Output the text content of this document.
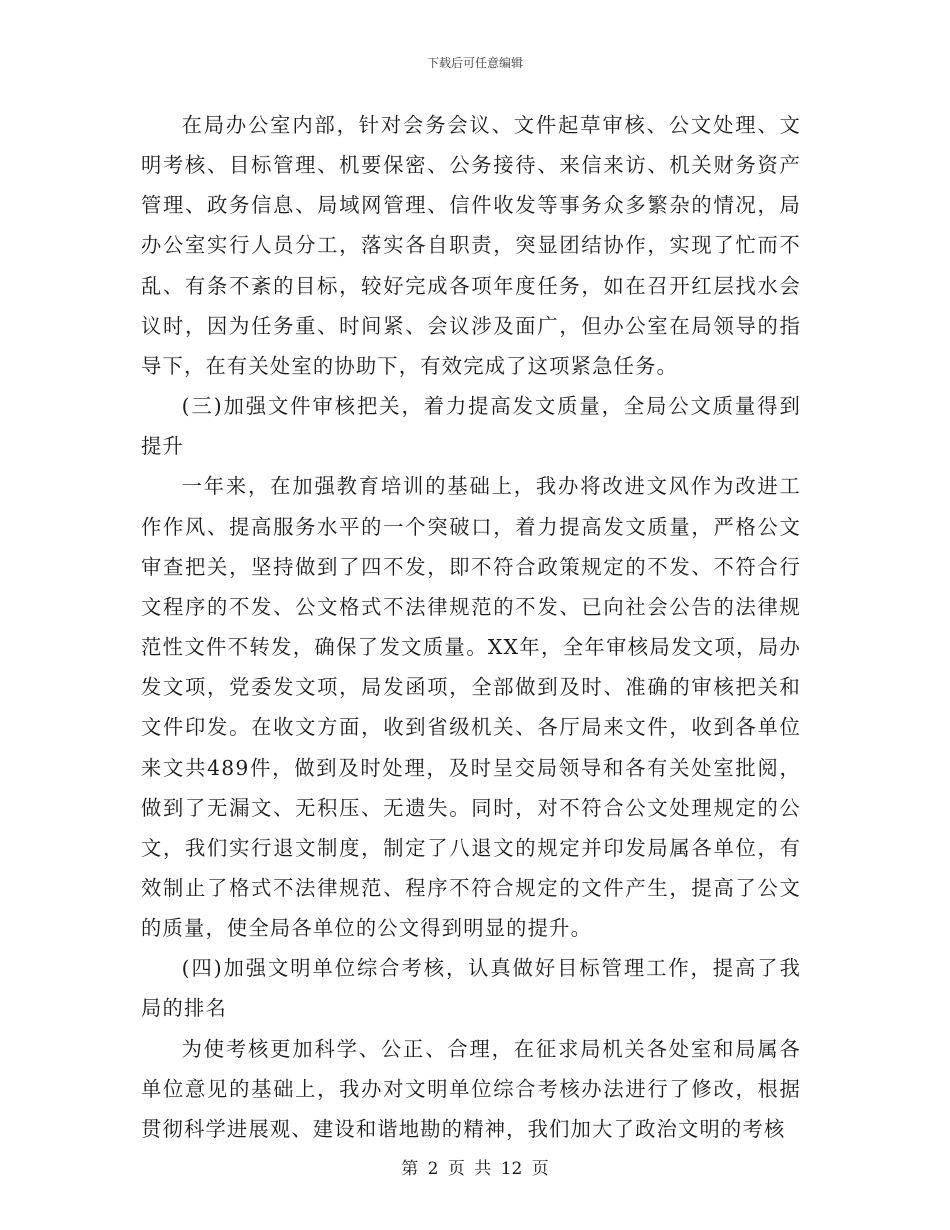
下载后可任意编辑

在局办公室内部，针对会务会议、文件起草审核、公文处理、文明考核、目标管理、机要保密、公务接待、来信来访、机关财务资产管理、政务信息、局域网管理、信件收发等事务众多繁杂的情况，局办公室实行人员分工，落实各自职责，突显团结协作，实现了忙而不乱、有条不紊的目标，较好完成各项年度任务，如在召开红层找水会议时，因为任务重、时间紧、会议涉及面广，但办公室在局领导的指导下，在有关处室的协助下，有效完成了这项紧急任务。

(三)加强文件审核把关，着力提高发文质量，全局公文质量得到提升

一年来，在加强教育培训的基础上，我办将改进文风作为改进工作作风、提高服务水平的一个突破口，着力提高发文质量，严格公文审查把关，坚持做到了四不发，即不符合政策规定的不发、不符合行文程序的不发、公文格式不法律规范的不发、已向社会公告的法律规范性文件不转发，确保了发文质量。XX年，全年审核局发文项，局办发文项，党委发文项，局发函项，全部做到及时、准确的审核把关和文件印发。在收文方面，收到省级机关、各厅局来文件，收到各单位来文共489件，做到及时处理，及时呈交局领导和各有关处室批阅，做到了无漏文、无积压、无遗失。同时，对不符合公文处理规定的公文，我们实行退文制度，制定了八退文的规定并印发局属各单位，有效制止了格式不法律规范、程序不符合规定的文件产生，提高了公文的质量，使全局各单位的公文得到明显的提升。

(四)加强文明单位综合考核，认真做好目标管理工作，提高了我局的排名

为使考核更加科学、公正、合理，在征求局机关各处室和局属各单位意见的基础上，我办对文明单位综合考核办法进行了修改，根据贯彻科学进展观、建设和谐地勘的精神，我们加大了政治文明的考核

第 2 页 共 12 页
